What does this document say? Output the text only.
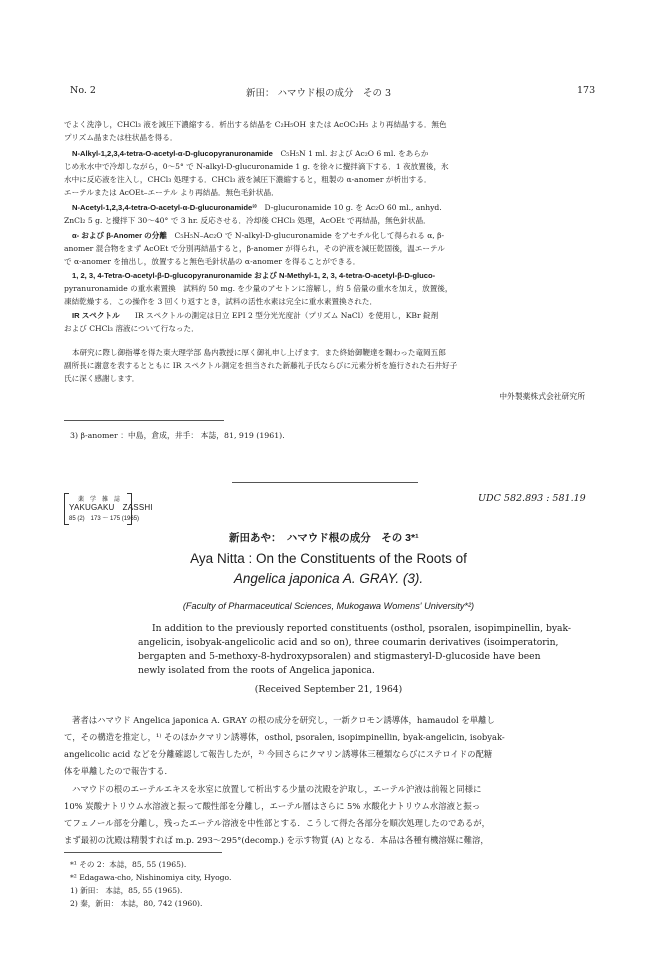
No. 2	新田： ハマウド根の成分　その 3	173
でよく洗浄し，CHCl₃ 液を減圧下濃縮する．析出する結晶を C₂H₅OH または AcOC₂H₅ より再結晶する．無色
プリズム晶または柱状晶を得る．
N-Alkyl-1,2,3,4-tetra-O-acetyl-α-D-glucopyranuronamide  C₅H₅N 1 ml. および Ac₂O 6 ml. をあらか
じめ氷水中で冷却しながら，0～5° で N-alkyl-D-glucuronamide 1 g. を徐々に攪拌滴下する．1 夜放置後，氷
水中に反応液を注入し，CHCl₃ 処理する．CHCl₃ 液を減圧下濃縮すると，粗製の α-anomer が析出する．
エーテルまたは AcOEt–エーテル より再結晶．無色毛針状晶．
N-Acetyl-1,2,3,4-tetra-O-acetyl-α-D-glucuronamide³⁾  D-glucuronamide 10 g. を Ac₂O 60 ml., anhyd.
ZnCl₂ 5 g. と攪拌下 30～40° で 3 hr. 反応させる．冷却後 CHCl₃ 処理，AcOEt で再結晶，無色針状晶．
α- および β-Anomer の分離  C₅H₅N–Ac₂O で N-alkyl-D-glucuronamide をアセチル化して得られる α, β-
anomer 混合物をまず AcOEt で分別再結晶すると，β-anomer が得られ，その沪液を減圧乾固後，温エーテル
で α-anomer を抽出し，放置すると無色毛針状晶の α-anomer を得ることができる．
1, 2, 3, 4-Tetra-O-acetyl-β-D-glucopyranuronamide および N-Methyl-1, 2, 3, 4-tetra-O-acetyl-β-D-gluco-
pyranuronamide の重水素置換　試料約 50 mg. を少量のアセトンに溶解し，約 5 倍量の重水を加え，放置後，
凍結乾燥する．この操作を 3 回くり返すとき，試料の活性水素は完全に重水素置換された．
IR スペクトル   IR スペクトルの測定は日立 EPI 2 型分光光度計（プリズム NaCl）を使用し，KBr 錠剤
および CHCl₃ 溶液について行なった．
本研究に際し御指導を得た東大理学部 島内教授に厚く御礼申し上げます．また終始御鞭達を賜わった竜岡五郎
副所長に謝意を表するとともに IR スペクトル測定を担当された新藤礼子氏ならびに元素分析を施行された石井好子
氏に深く感謝します．
中外製薬株式会社研究所
3) β-anomer ：中島，倉成，井手： 本誌，81, 919 (1961).
薬　学　雑　誌
YAKUGAKU　ZASSHI
85 (2)　173 ～ 175 (1965)
UDC 582.893 : 581.19
新田あや：　ハマウド根の成分　その 3*¹
Aya Nitta : On the Constituents of the Roots of
Angelica japonica A. GRAY. (3).
(Faculty of Pharmaceutical Sciences, Mukogawa Womens' University*²)
In addition to the previously reported constituents (osthol, psoralen, isopimpinellin, byak-
angelicin, isobyak-angelicolic acid and so on), three coumarin derivatives (isoimperatorin,
bergapten and 5-methoxy-8-hydroxypsoralen) and stigmasteryl-D-glucoside have been
newly isolated from the roots of Angelica japonica.
(Received September 21, 1964)
著者はハマウド Angelica japonica A. GRAY の根の成分を研究し，一新クロモン誘導体，hamaudol を単離し
て，その構造を推定し，¹⁾ そのほかクマリン誘導体，osthol, psoralen, isopimpinellin, byak-angelicin, isobyak-
angelicolic acid などを分離確認して報告したが，²⁾ 今回さらにクマリン誘導体三種類ならびにステロイドの配糖
体を単離したので報告する．
ハマウドの根のエーテルエキスを氷室に放置して析出する少量の沈殿を沪取し，エーテル沪液は前報と同様に
10% 炭酸ナトリウム水溶液と振って酸性部を分離し，エーテル層はさらに 5% 水酸化ナトリウム水溶液と振っ
てフェノール部を分離し，残ったエーテル溶液を中性部とする．こうして得た各部分を順次処理したのであるが，
まず最初の沈殿は精製すれば m.p. 293～295°(decomp.) を示す物質 (A) となる．本品は各種有機溶媒に難溶，
*¹ その 2：本誌，85, 55 (1965).
*² Edagawa-cho, Nishinomiya city, Hyogo.
1) 新田： 本誌，85, 55 (1965).
2) 秦，新田： 本誌，80, 742 (1960).
